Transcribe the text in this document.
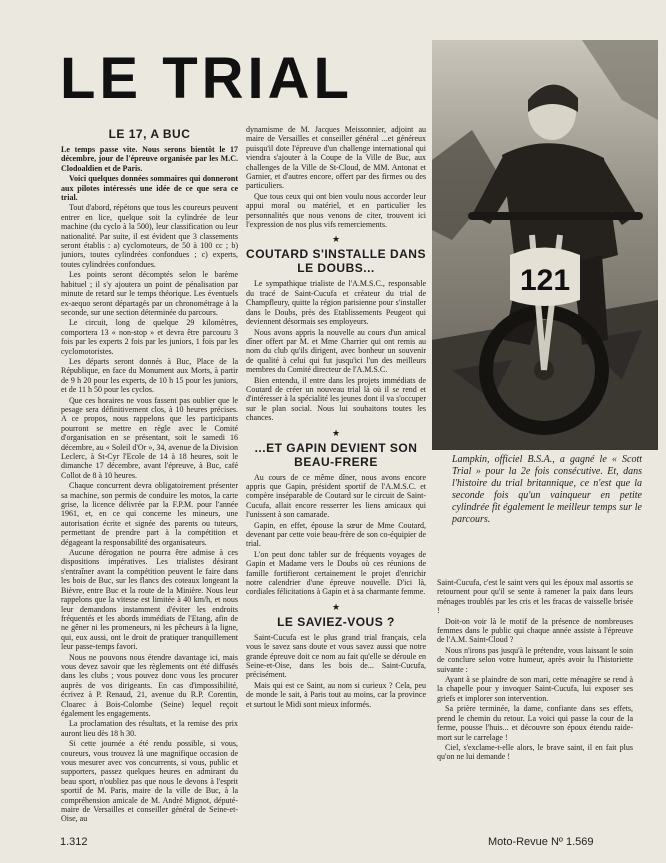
LE TRIAL
LE 17, A BUC

Le temps passe vite. Nous serons bientôt le 17 décembre, jour de l'épreuve organisée par les M.C. Clodoaldien et de Paris.

Voici quelques données sommaires qui donneront aux pilotes intéressés une idée de ce que sera ce trial.

Tout d'abord, répétons que tous les coureurs peuvent entrer en lice, quelque soit la cylindrée de leur machine (du cyclo à la 500), leur classification ou leur nationalité. Par suite, il est évident que 3 classements seront établis : a) cyclomoteurs, de 50 à 100 cc ; b) juniors, toutes cylindrées confondues ; c) experts, toutes cylindrées confondues.

Les points seront décomptés selon le barème habituel ; il s'y ajoutera un point de pénalisation par minute de retard sur le temps théorique. Les éventuels ex-aequo seront départagés par un chronométrage à la seconde, sur une section déterminée du parcours.

Le circuit, long de quelque 29 kilomètres, comportera 13 « non-stop » et devra être parcouru 3 fois par les experts 2 fois par les juniors, 1 fois par les cyclomotoristes.

Les départs seront donnés à Buc, Place de la République, en face du Monument aux Morts, à partir de 9 h 20 pour les experts, de 10 h 15 pour les juniors, et de 11 h 50 pour les cyclos.

Que ces horaires ne vous fassent pas oublier que le pesage sera définitivement clos, à 10 heures précises. A ce propos, nous rappelons que les participants pourront se mettre en règle avec le Comité d'organisation en se présentant, soit le samedi 16 décembre, au « Soleil d'Or », 34, avenue de la Division Leclerc, à St-Cyr l'Ecole de 14 à 18 heures, soit le dimanche 17 décembre, avant l'épreuve, à Buc, café Collot de 8 à 10 heures.

Chaque concurrent devra obligatoirement présenter sa machine, son permis de conduire les motos, la carte grise, la licence délivrée par la F.P.M. pour l'année 1961, et, en ce qui concerne les mineurs, une autorisation écrite et signée des parents ou tuteurs, permettant de prendre part à la compétition et dégageant la responsabilité des organisateurs.

Aucune dérogation ne pourra être admise à ces dispositions impératives. Les trialistes désirant s'entraîner avant la compétition peuvent le faire dans les bois de Buc, sur les flancs des coteaux longeant la Bièvre, entre Buc et la route de la Minière. Nous leur rappelons que la vitesse est limitée à 40 km/h, et nous leur demandons instamment d'éviter les endroits fréquentés et les abords immédiats de l'Etang, afin de ne gêner ni les promeneurs, ni les pêcheurs à la ligne, qui, eux aussi, ont le droit de pratiquer tranquillement leur passe-temps favori.

Nous ne pouvons nous étendre davantage ici, mais vous devez savoir que les règlements ont été diffusés dans les clubs ; vous pouvez donc vous les procurer auprès de vos dirigeants. En cas d'impossibilité, écrivez à P. Renaud, 21, avenue du R.P. Corentin, Cloarec à Bois-Colombe (Seine) lequel reçoit également les engagements.

La proclamation des résultats, et la remise des prix auront lieu dès 18 h 30.

Si cette journée a été rendu possible, si vous, coureurs, vous trouvez là une magnifique occasion de vous mesurer avec vos concurrents, si vous, public et supporters, passez quelques heures en admirant du beau sport, n'oubliez pas que nous le devons à l'esprit sportif de M. Paris, maire de la ville de Buc, à la compréhension amicale de M. André Mignot, député-maire de Versailles et conseiller général de Seine-et-Oise, au

dynamisme de M. Jacques Meissonnier, adjoint au maire de Versailles et conseiller général ...et généreux puisqu'il dote l'épreuve d'un challenge international qui viendra s'ajouter à la Coupe de la Ville de Buc, aux challenges de la Ville de St-Cloud, de MM. Antonat et Garnier, et d'autres encore, offert par des firmes ou des particuliers.

Que tous ceux qui ont bien voulu nous accorder leur appui moral ou matériel, et en particulier les personnalités que nous venons de citer, trouvent ici l'expression de nos plus vifs remerciements.

★
COUTARD S'INSTALLE DANS LE DOUBS...

Le sympathique trialiste de l'A.M.S.C., responsable du tracé de Saint-Cucufa et créateur du trial de Champfleury, quitte la région parisienne pour s'installer dans le Doubs, près des Etablissements Peugeot qui deviennent désormais ses employeurs.

Nous avons appris la nouvelle au cours d'un amical dîner offert par M. et Mme Charrier qui ont remis au nom du club qu'ils dirigent, avec bonheur un souvenir de qualité à celui qui fut jusqu'ici l'un des meilleurs membres du Comité directeur de l'A.M.S.C.

Bien entendu, il entre dans les projets immédiats de Coutard de créer un nouveau trial là où il se rend et d'intéresser à la spécialité les jeunes dont il va s'occuper sur le plan social. Nous lui souhaitons toutes les chances.

★
...ET GAPIN DEVIENT SON BEAU-FRERE

Au cours de ce même dîner, nous avons encore appris que Gapin, président sportif de l'A.M.S.C. et compère inséparable de Coutard sur le circuit de Saint-Cucufa, allait encore resserrer les liens amicaux qui l'unissent à son camarade.

Gapin, en effet, épouse la sœur de Mme Coutard, devenant par cette voie beau-frère de son co-équipier de trial.

L'on peut donc tabler sur de fréquents voyages de Gapin et Madame vers le Doubs où ces réunions de famille fortifieront certainement le projet d'enrichir notre calendrier d'une épreuve nouvelle. D'ici là, cordiales félicitations à Gapin et à sa charmante femme.

★
LE SAVIEZ-VOUS ?

Saint-Cucufa est le plus grand trial français, cela vous le savez sans doute et vous savez aussi que notre grande épreuve doit ce nom au fait qu'elle se déroule en Seine-et-Oise, dans les bois de... Saint-Cucufa, précisément.

Mais qui est ce Saint, au nom si curieux ? Cela, peu de monde le sait, à Paris tout au moins, car la province et surtout le Midi sont mieux informés.

121
Lampkin, officiel B.S.A., a gagné le « Scott Trial » pour la 2e fois consécutive. Et, dans l'histoire du trial britannique, ce n'est que la seconde fois qu'un vainqueur en petite cylindrée fit également le meilleur temps sur le parcours.

Saint-Cucufa, c'est le saint vers qui les époux mal assortis se retournent pour qu'il se sente à ramener la paix dans leurs ménages troublés par les cris et les fracas de vaisselle brisée !

Doit-on voir là le motif de la présence de nombreuses femmes dans le public qui chaque année assiste à l'épreuve de l'A.M. Saint-Cloud ?

Nous n'irons pas jusqu'à le prétendre, vous laissant le soin de conclure selon votre humeur, après avoir lu l'historiette suivante :

Ayant à se plaindre de son mari, cette ménagère se rend à la chapelle pour y invoquer Saint-Cucufa, lui exposer ses griefs et implorer son intervention.

Sa prière terminée, la dame, confiante dans ses effets, prend le chemin du retour. La voici qui passe la cour de la ferme, pousse l'huis... et découvre son époux étendu raide-mort sur le carrelage !

Ciel, s'exclame-t-elle alors, le brave saint, il en fait plus qu'on ne lui demande !

1.312	Moto-Revue Nº 1.569
